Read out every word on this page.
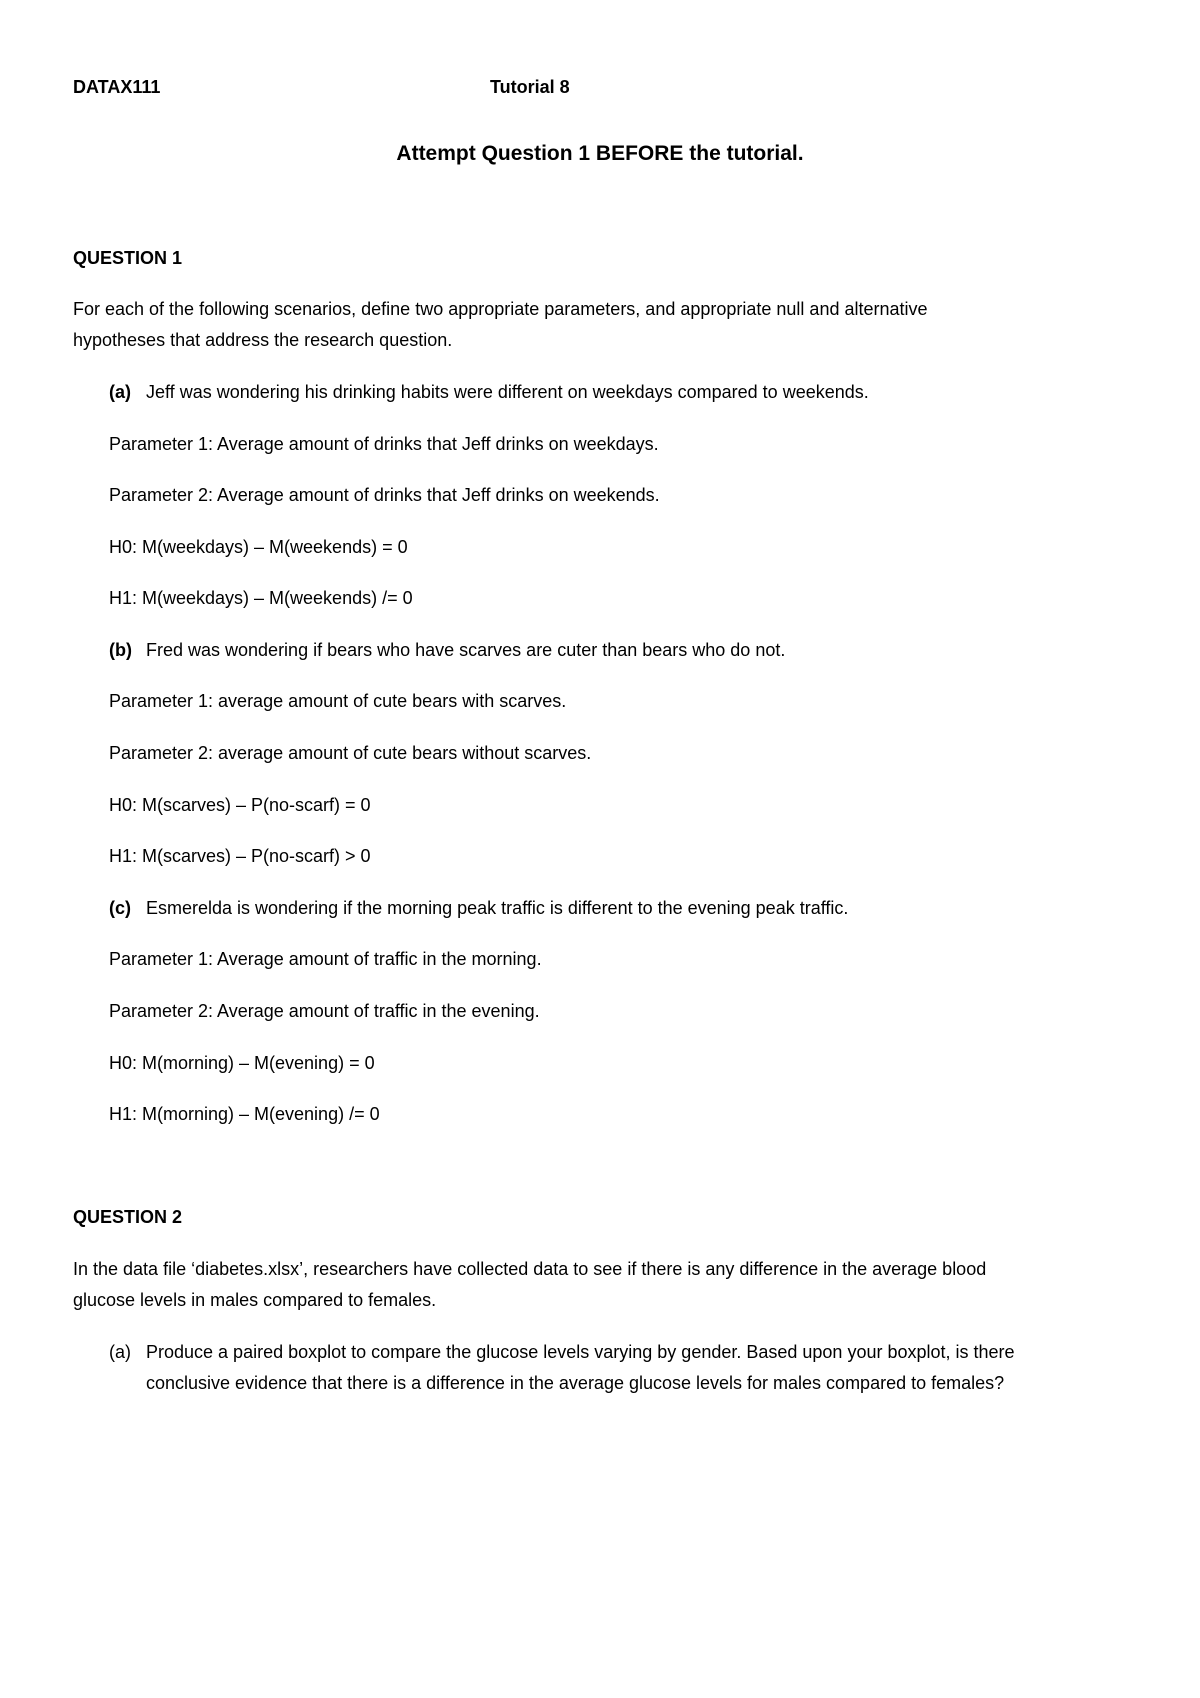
DATAX111	Tutorial 8
Attempt Question 1 BEFORE the tutorial.
QUESTION 1
For each of the following scenarios, define two appropriate parameters, and appropriate null and alternative
hypotheses that address the research question.
(a) Jeff was wondering his drinking habits were different on weekdays compared to weekends.
Parameter 1: Average amount of drinks that Jeff drinks on weekdays.
Parameter 2: Average amount of drinks that Jeff drinks on weekends.
H0: M(weekdays) – M(weekends) = 0
H1: M(weekdays) – M(weekends) /= 0
(b) Fred was wondering if bears who have scarves are cuter than bears who do not.
Parameter 1: average amount of cute bears with scarves.
Parameter 2: average amount of cute bears without scarves.
H0: M(scarves) – P(no-scarf) = 0
H1: M(scarves) – P(no-scarf) > 0
(c) Esmerelda is wondering if the morning peak traffic is different to the evening peak traffic.
Parameter 1: Average amount of traffic in the morning.
Parameter 2: Average amount of traffic in the evening.
H0: M(morning) – M(evening) = 0
H1: M(morning) – M(evening) /= 0
QUESTION 2
In the data file ‘diabetes.xlsx’, researchers have collected data to see if there is any difference in the average blood
glucose levels in males compared to females.
(a) Produce a paired boxplot to compare the glucose levels varying by gender. Based upon your boxplot, is there
conclusive evidence that there is a difference in the average glucose levels for males compared to females?
